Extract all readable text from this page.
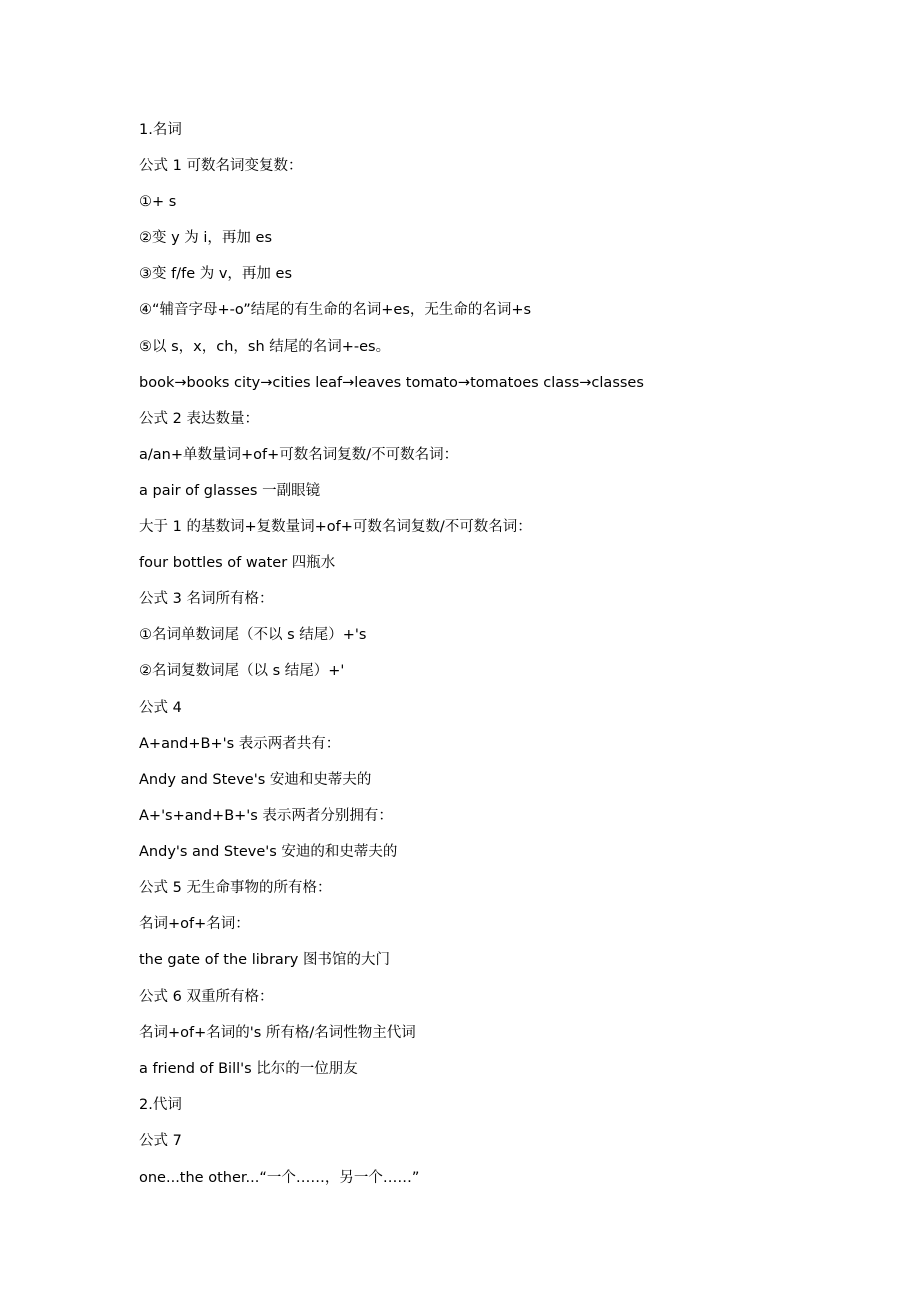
1.名词
公式 1 可数名词变复数：
①+ s
②变 y 为 i，再加 es
③变 f/fe 为 v，再加 es
④“辅音字母+-o”结尾的有生命的名词+es，无生命的名词+s
⑤以 s，x，ch，sh 结尾的名词+-es。
book→books city→cities leaf→leaves tomato→tomatoes class→classes
公式 2 表达数量：
a/an+单数量词+of+可数名词复数/不可数名词：
a pair of glasses 一副眼镜
大于 1 的基数词+复数量词+of+可数名词复数/不可数名词：
four bottles of water 四瓶水
公式 3 名词所有格：
①名词单数词尾（不以 s 结尾）+'s
②名词复数词尾（以 s 结尾）+'
公式 4
A+and+B+'s 表示两者共有：
Andy and Steve's 安迪和史蒂夫的
A+'s+and+B+'s 表示两者分别拥有：
Andy's and Steve's 安迪的和史蒂夫的
公式 5 无生命事物的所有格：
名词+of+名词：
the gate of the library 图书馆的大门
公式 6 双重所有格：
名词+of+名词的's 所有格/名词性物主代词
a friend of Bill's 比尔的一位朋友
2.代词
公式 7
one...the other...“一个……，另一个……”
